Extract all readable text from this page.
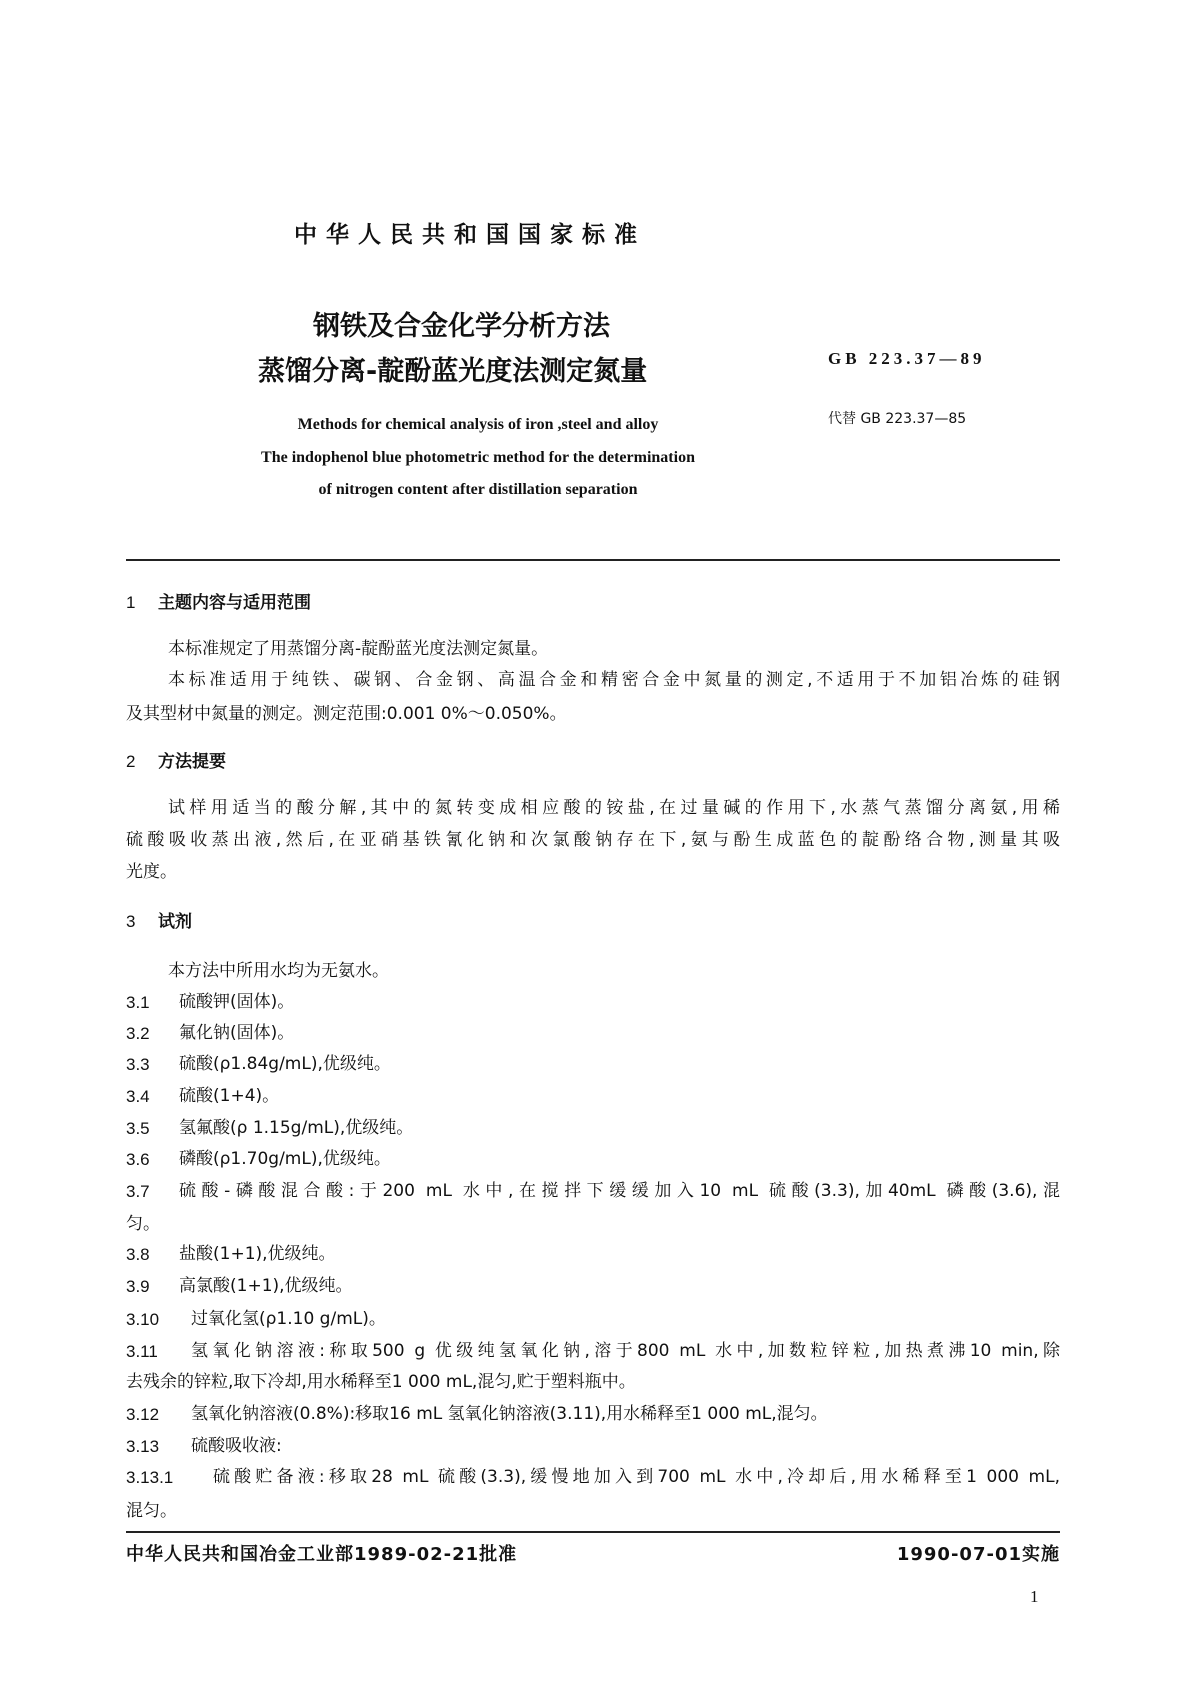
中华人民共和国国家标准
钢铁及合金化学分析方法
蒸馏分离-靛酚蓝光度法测定氮量	GB 223.37—89
代替 GB 223.37—85
Methods for chemical analysis of iron ,steel and alloy
The indophenol blue photometric method for the determination
of nitrogen content after distillation separation
1 主题内容与适用范围
本标准规定了用蒸馏分离-靛酚蓝光度法测定氮量。
本标准适用于纯铁、碳钢、合金钢、高温合金和精密合金中氮量的测定,不适用于不加铝冶炼的硅钢
及其型材中氮量的测定。测定范围:0.001 0%～0.050%。
2 方法提要
试样用适当的酸分解,其中的氮转变成相应酸的铵盐,在过量碱的作用下,水蒸气蒸馏分离氨,用稀
硫酸吸收蒸出液,然后,在亚硝基铁氰化钠和次氯酸钠存在下,氨与酚生成蓝色的靛酚络合物,测量其吸
光度。
3 试剂
本方法中所用水均为无氨水。
3.1 硫酸钾(固体)。
3.2 氟化钠(固体)。
3.3 硫酸(ρ1.84g/mL),优级纯。
3.4 硫酸(1+4)。
3.5 氢氟酸(ρ 1.15g/mL),优级纯。
3.6 磷酸(ρ1.70g/mL),优级纯。
3.7 硫酸-磷酸混合酸:于200 mL 水中,在搅拌下缓缓加入10 mL 硫酸(3.3),加40mL 磷酸(3.6),混
匀。
3.8 盐酸(1+1),优级纯。
3.9 高氯酸(1+1),优级纯。
3.10 过氧化氢(ρ1.10 g/mL)。
3.11 氢氧化钠溶液:称取500 g 优级纯氢氧化钠,溶于800 mL 水中,加数粒锌粒,加热煮沸10 min,除
去残余的锌粒,取下冷却,用水稀释至1 000 mL,混匀,贮于塑料瓶中。
3.12 氢氧化钠溶液(0.8%):移取16 mL 氢氧化钠溶液(3.11),用水稀释至1 000 mL,混匀。
3.13 硫酸吸收液:
3.13.1 硫酸贮备液:移取28 mL 硫酸(3.3),缓慢地加入到700 mL 水中,冷却后,用水稀释至1 000 mL,
混匀。
中华人民共和国冶金工业部1989-02-21批准	1990-07-01实施
1
